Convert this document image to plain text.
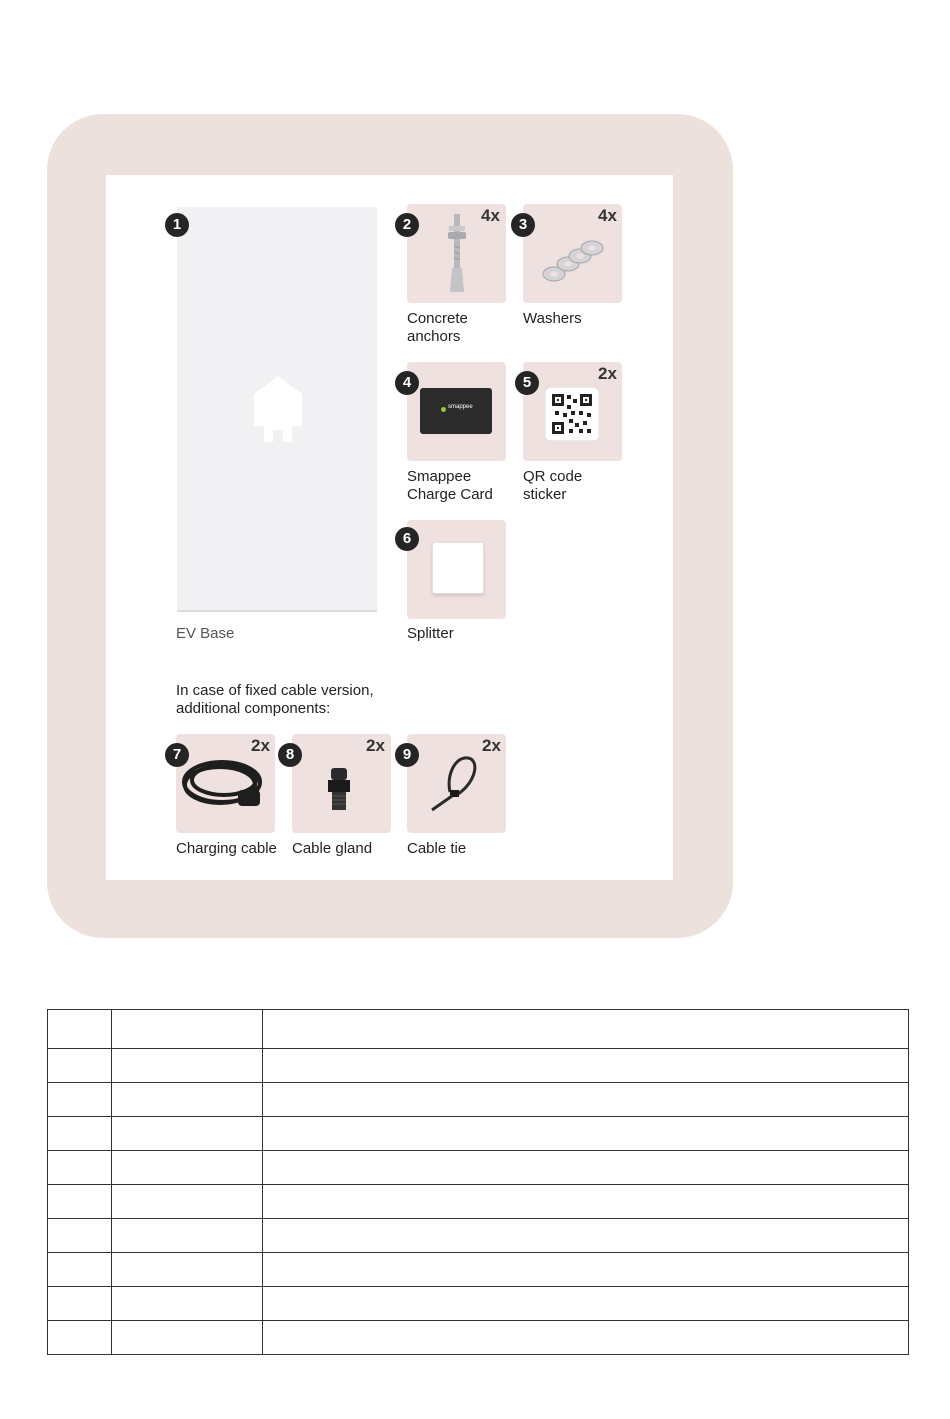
1
EV Base
2	4x
Concrete
anchors
3	4x
Washers
smappee
4
Smappee
Charge Card
5	2x
QR code
sticker
6
Splitter
In case of fixed cable version, additional components:
7	2x
Charging cable
8	2x
Cable gland
9	2x
Cable tie
